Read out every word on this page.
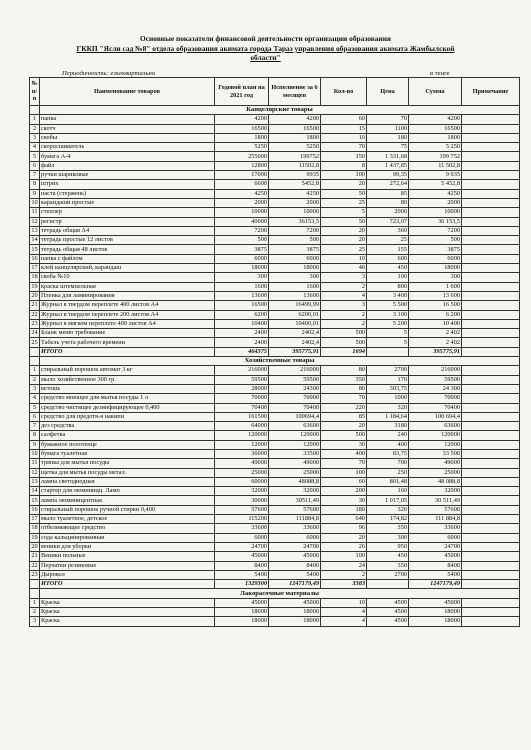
Основные показатели финансовой деятельности организации образования
ГККП "Ясли сад №8" отдела образования акимата города Тараз управления образования акимата Жамбылской
области"
Периодичность: ежеквартально	в тенге
№ п/п	Наименование товаров	Годовой план на 2021 год	Исполнение за 6 месяцев	Кол-во	Цена	Сумма	Примечание
	Канцелярские товары						
1	папка	4200	4200	60	70	4200	
2	скотч	16500	16500	15	1100	16500	
3	скобы	1800	1800	10	180	1800	
4	скоросшиватель	5250	5250	70	75	5 250	
5	бумага А-4	255000	199752	150	1 331,68	199 752	
6	файл	12800	11502,8	8	1 437,85	11 502,8	
7	ручки шариковые	17000	9935	100	99,35	9 935	
8	штрих	6600	5452,8	20	272,64	5 452,8	
9	паста (стержень)	4250	4250	50	85	4250	
10	карандаши простые	2000	2000	25	80	2000	
11	степлер	10000	10000	5	2000	10000	
12	регистр	40000	36153,5	50	723,07	36 153,5	
13	тетрадь общая А4	7200	7200	20	360	7200	
14	тетрадь простые 12 листов	500	500	20	25	500	
15	тетрадь общая 48 листов	3875	3875	25	155	3875	
16	папка с файлом	6000	6000	10	600	6000	
17	клей канцелярский, карандаш	18000	18000	40	450	18000	
18	скоба №10	300	300	3	100	300	
19	краска штемпельная	1600	1600	2	800	1 600	
20	Пленка для ламинирования	13600	13600	4	3 400	13 600	
21	Журнал в твердом переплете 400 листов А4	16500	16499,99	3	5 500	16 500	
22	Журнал в твердом переплете 200 листов А4	6200	6200,01	2	3 100	6 200	
23	Журнал в мягком переплете 400 листов А4	10400	10400,01	2	5 200	10 400	
24	Бланк меню требование	2400	2402,4	500	5	2 402	
25	Табель учета рабочего времени	2400	2402,4	500	5	2 402	
	ИТОГО	464375	395775,91	1694		395775,91	
	Хозяйственные товары						
1	стиральный порошок автомат 3 кг	216000	216000	80	2700	216000	
2	мыло хозяйственное 300 гр.	59500	59500	350	170	59500	
3	ветошь	28000	24300	80	303,75	24 300	
4	средство моющее для мытья посуды 1 л	70000	70000	70	1000	70000	
5	средство чистящее дезинфицирующее 0,400	70400	70400	220	320	70400	
6	средство для предотв-я накипи	161500	100694,4	85	1 184,64	100 694,4	
7	дез средства	64000	63600	20	3180	63600	
8	салфетка	120000	120000	500	240	120000	
9	бумажное полотенце	12000	12000	30	400	12000	
10	бумага туалетная	36000	33500	400	83,75	33 500	
11	тряпка для мытья посуды	49000	49000	70	700	49000	
12	щетка для мытья посуды метал.	25000	25000	100	250	25000	
13	лампа светодиодная	60000	48088,8	60	801,48	48 088,8	
14	стартер для люминицц. Ламп	32000	32000	200	160	32000	
15	лампа люминицентная	30000	30511,49	30	1 017,05	30 511,49	
16	стиральный порошок ручной стирки 0,400	57600	57600	180	320	57600	
17	мыло туалетное, детское	115200	111884,8	640	174,82	111 884,8	
18	отбеливающее средство	33600	33600	96	350	33600	
19	сода кальцинированная	6000	6000	20	300	6000	
20	веники для уборки	24700	24700	26	950	24700	
21	Веники польные	45000	45000	100	450	45000	
22	Перчатки резиновые	8400	8400	24	350	8400	
23	Дырокол	5400	5400	2	2700	5400	
	ИТОГО	1329300	1247179,49	3383		1247179,49	
	Лакорасочные материалы						
1	Краска	45000	45000	10	4500	45000	
2	Краска	18000	18000	4	4500	18000	
3	Краска	18000	18000	4	4500	18000	
